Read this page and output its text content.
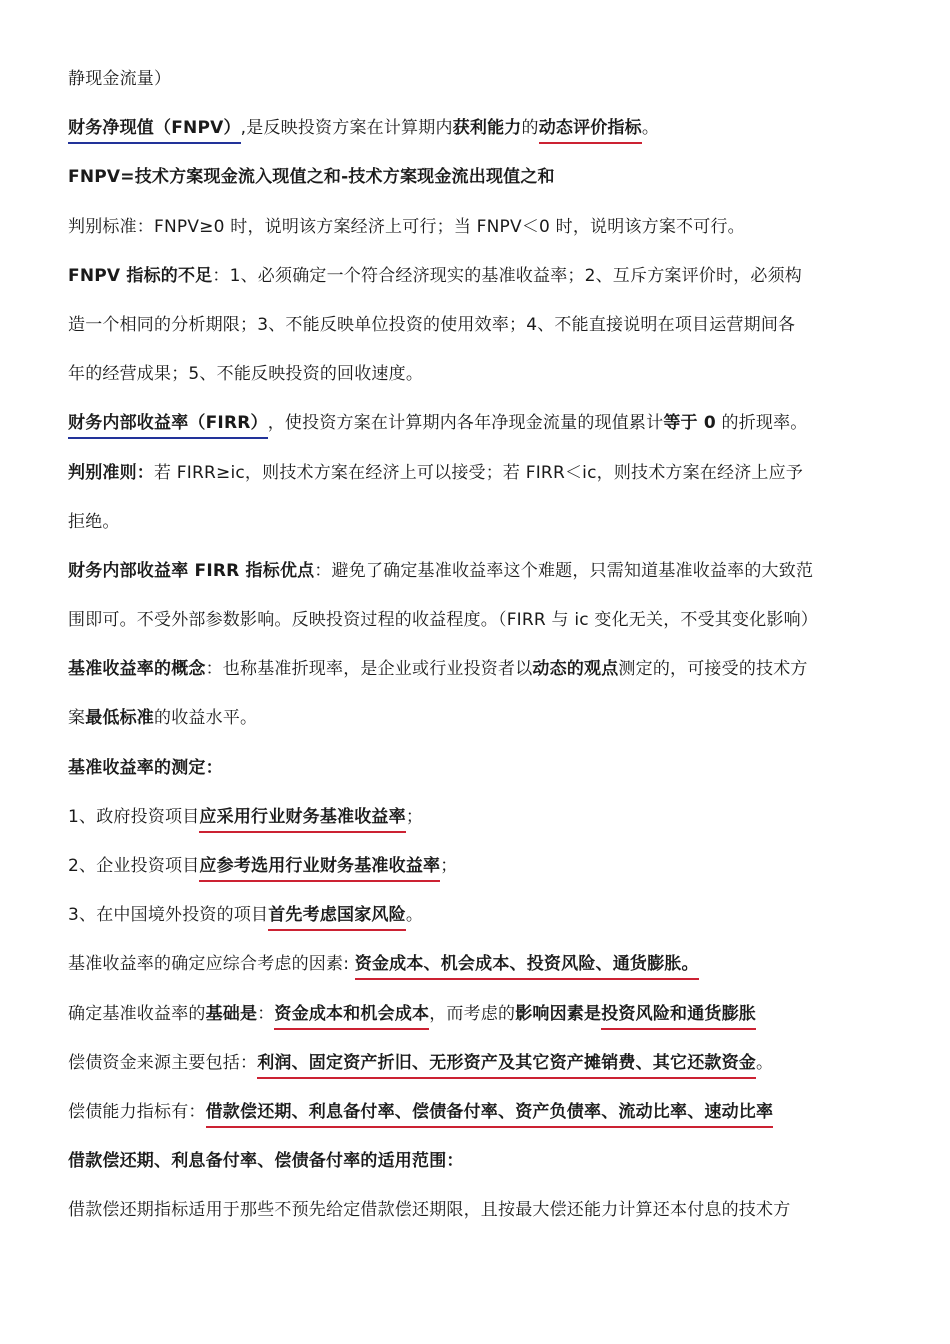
静现金流量）
财务净现值（FNPV）,是反映投资方案在计算期内获利能力的动态评价指标。
FNPV=技术方案现金流入现值之和-技术方案现金流出现值之和
判别标准：FNPV≥0 时，说明该方案经济上可行；当 FNPV＜0 时，说明该方案不可行。
FNPV 指标的不足：1、必须确定一个符合经济现实的基准收益率；2、互斥方案评价时，必须构
造一个相同的分析期限；3、不能反映单位投资的使用效率；4、不能直接说明在项目运营期间各
年的经营成果；5、不能反映投资的回收速度。
财务内部收益率（FIRR），使投资方案在计算期内各年净现金流量的现值累计等于 0 的折现率。
判别准则：若 FIRR≥ic，则技术方案在经济上可以接受；若 FIRR＜ic，则技术方案在经济上应予
拒绝。
财务内部收益率 FIRR 指标优点：避免了确定基准收益率这个难题，只需知道基准收益率的大致范
围即可。不受外部参数影响。反映投资过程的收益程度。（FIRR 与 ic 变化无关，不受其变化影响）
基准收益率的概念：也称基准折现率，是企业或行业投资者以动态的观点测定的，可接受的技术方
案最低标准的收益水平。
基准收益率的测定：
1、政府投资项目应采用行业财务基准收益率；
2、企业投资项目应参考选用行业财务基准收益率；
3、在中国境外投资的项目首先考虑国家风险。
基准收益率的确定应综合考虑的因素: 资金成本、机会成本、投资风险、通货膨胀。
确定基准收益率的基础是：资金成本和机会成本，而考虑的影响因素是投资风险和通货膨胀
偿债资金来源主要包括：利润、固定资产折旧、无形资产及其它资产摊销费、其它还款资金。
偿债能力指标有：借款偿还期、利息备付率、偿债备付率、资产负债率、流动比率、速动比率
借款偿还期、利息备付率、偿债备付率的适用范围：
借款偿还期指标适用于那些不预先给定借款偿还期限，且按最大偿还能力计算还本付息的技术方
